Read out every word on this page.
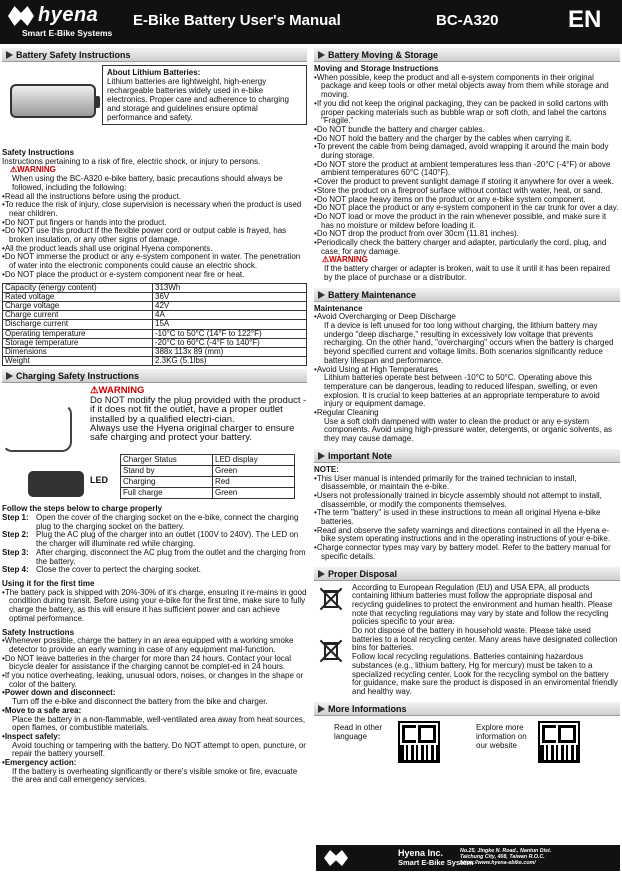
hyena
Smart E-Bike Systems
E-Bike Battery User's Manual	BC-A320	EN
Battery Safety Instructions
About Lithium Batteries:
Lithium batteries are lightweight, high-energy rechargeable batteries widely used in e-bike electronics. Proper care and adherence to charging and storage and guidelines ensure optimal performance and safety.
Safety Instructions
Instructions pertaining to a risk of fire, electric shock, or injury to persons.
⚠ WARNING
When using the BC-A320 e-bike battery, basic precautions should always be followed, including the following:
• Read all the instructions before using the product.
• To reduce the risk of injury, close supervision is necessary when the product is used near children.
• Do NOT put fingers or hands into the product.
• Do NOT use this product if the flexible power cord or output cable is frayed, has broken insulation, or any other signs of damage.
• All the product leads shall use original Hyena components.
• Do NOT immerse the product or any e-system component in water. The penetration of water into the electronic components could cause an electric shock.
• Do NOT place the product or e-system component near fire or heat.
Capacity (energy content)	313Wh
Rated voltage	36V
Charge voltage	42V
Charge current	4A
Discharge current	15A
Operating temperature	-10°C to 50°C (14°F to 122°F)
Storage temperature	-20°C to 60°C (-4°F to 140°F)
Dimensions	388x 113x 89 (mm)
Weight	2.3KG (5.1lbs)
Charging Safety Instructions
LED
⚠ WARNING
Do NOT modify the plug provided with the product - if it does not fit the outlet, have a proper outlet installed by a qualified electri-cian.
Always use the Hyena original charger to ensure safe charging and protect your battery.
Charger Status	LED display
Stand by	Green
Charging	Red
Full charge	Green
Follow the steps below to charge properly
Step 1: Open the cover of the charging socket on the e-bike, connect the charging plug to the charging socket on the battery.
Step 2: Plug the AC plug of the charger into an outlet (100V to 240V). The LED on the charger will illuminate red while charging.
Step 3: After charging, disconnect the AC plug from the outlet and the charging from the battery.
Step 4: Close the cover to pertect the charging socket.
Using it for the first time
• The battery pack is shipped with 20%-30% of it's charge, ensuring it re-mains in good condition during transit. Before using your e-bike for the first time, make sure to fully charge the battery, as this will ensure it has sufficient power and can achieve optimal performance.
Safety Instructions
• Whenever possible, charge the battery in an area equipped with a working smoke detector to provide an early warning in case of any equipment mal-function.
• Do NOT leave batteries in the charger for more than 24 hours. Contact your local bicycle dealer for assistance if the charging cannot be complet-ed in 24 hours.
• If you notice overheating, leaking, unusual odors, noises, or changes in the shape or color of the battery.
• Power down and disconnect:
Turn off the e-bike and disconnect the battery from the bike and charger.
• Move to a safe area:
Place the battery in a non-flammable, well-ventilated area away from heat sources, open flames, or combustible materials.
• Inspect safely:
Avoid touching or tampering with the battery. Do NOT attempt to open, puncture, or repair the battery yourself.
• Emergency action:
If the battery is overheating significantly or there's visible smoke or fire, evacuate the area and call emergency services.
Battery Moving & Storage
Moving and Storage Instructions
• When possible, keep the product and all e-system components in their original package and keep tools or other metal objects away from them while storage and moving.
• If you did not keep the original packaging, they can be packed in solid cartons with proper packing materials such as bubble wrap or soft cloth, and label the cartons "Fragile."
• Do NOT bundle the battery and charger cables.
• Do NOT hold the battery and the charger by the cables when carrying it.
• To prevent the cable from being damaged, avoid wrapping it around the main body during storage.
• Do NOT store the product at ambient temperatures less than -20°C (-4°F) or above ambient temperatures 60°C (140°F).
• Cover the product to prevent sunlight damage if storing it anywhere for over a week.
• Store the product on a fireproof surface without contact with water, heat, or sand.
• Do NOT place heavy items on the product or any e-bike system component.
• Do NOT place the product or any e-system component in the car trunk for over a day.
• Do NOT load or move the product in the rain whenever possible, and make sure it has no moisture or mildew before loading it.
• Do NOT drop the product from over 30cm (11.81 inches).
• Periodically check the battery charger and adapter, particularly the cord, plug, and case, for any damage.
⚠ WARNING
If the battery charger or adapter is broken, wait to use it until it has been repaired by the place of purchase or a distributor.
Battery Maintenance
Maintenance
• Avoid Overcharging or Deep Discharge
If a device is left unused for too long without charging, the lithium battery may undergo "deep discharge," resulting in excessively low voltage that prevents recharging. On the other hand, "overcharging" occurs when the battery is charged beyond specified current and voltage limits. Both scenarios significantly reduce battery lifespan and performance.
• Avoid Using at High Temperatures
Lithium batteries operate best between -10°C to 50°C. Operating above this temperature can be dangerous, leading to reduced lifespan, swelling, or even explosion. It is crucial to keep batteries at an appropriate temperature to avoid injury or equipment damage.
• Regular Cleaning
Use a soft cloth dampened with water to clean the product or any e-system components. Avoid using high-pressure water, detergents, or organic solvents, as they may cause damage.
Important Note
NOTE:
• This User manual is intended primarily for the trained technician to install, disassemble, or maintain the e-bike.
• Users not professionally trained in bicycle assembly should not attempt to install, disassemble, or modify the components themselves.
• The term "battery" is used in these instructions to mean all original Hyena e-bike batteries.
• Read and observe the safety warnings and directions contained in all the Hyena e-bike system operating instructions and in the operating instructions of your e-bike.
• Charge connector types may vary by battery model. Refer to the battery manual for specific details.
Proper Disposal
According to European Regulation (EU) and USA EPA, all products containing lithium batteries must follow the appropriate disposal and recycling guidelines to protect the environment and human health. Please note that recycling regulations may vary by state and follow the recycling policies specific to your area.
Do not dispose of the battery in household waste. Please take used batteries to a local recycling center. Many areas have designated collection bins for batteries.
Follow local recycling regulations. Batteries containing hazardous substances (e.g., lithium battery, Hg for mercury) must be taken to a specialized recycling center. Look for the recycling symbol on the battery for guidance, make sure the product is disposed in an enviromental friendly and healthy way.
More Informations
Read in other language
Explore more information on our website
Hyena Inc.
Smart E-Bike System
No.25, Jingke N. Road., Nantun Dist.
Taichung City, 408, Taiwan R.O.C.
https://www.hyena-ebike.com/
